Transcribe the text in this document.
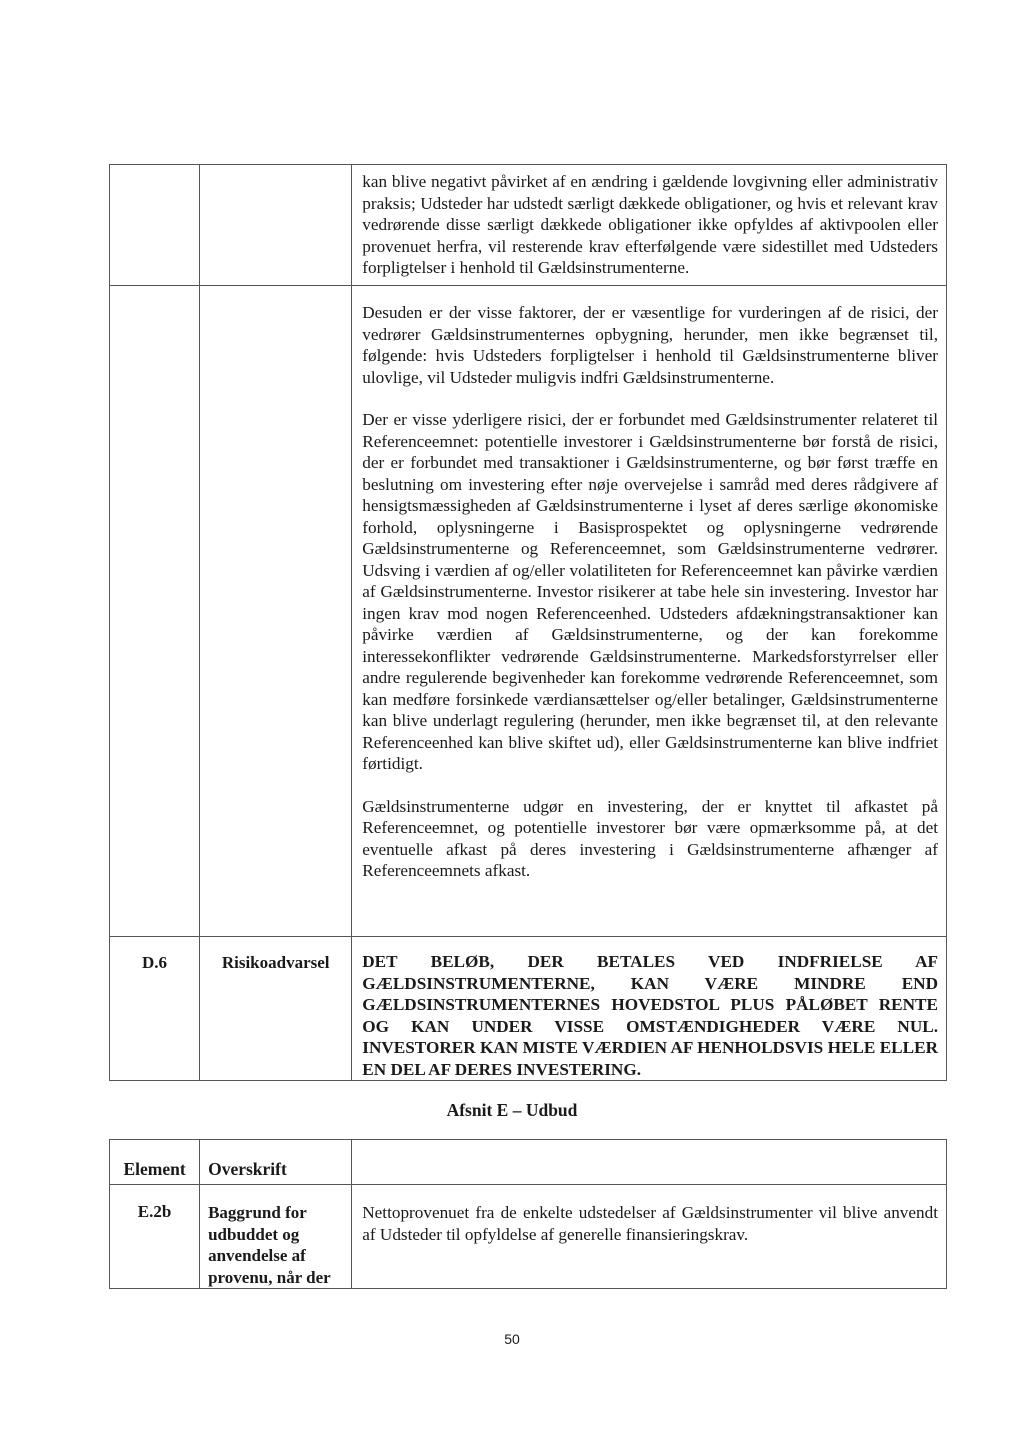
		kan blive negativt påvirket af en ændring i gældende lovgivning eller administrativ praksis; Udsteder har udstedt særligt dækkede obligationer, og hvis et relevant krav vedrørende disse særligt dækkede obligationer ikke opfyldes af aktivpoolen eller provenuet herfra, vil resterende krav efterfølgende være sidestillet med Udsteders forpligtelser i henhold til Gældsinstrumenterne.

		Desuden er der visse faktorer, der er væsentlige for vurderingen af de risici, der vedrører Gældsinstrumenternes opbygning, herunder, men ikke begrænset til, følgende: hvis Udsteders forpligtelser i henhold til Gældsinstrumenterne bliver ulovlige, vil Udsteder muligvis indfri Gældsinstrumenterne.

Der er visse yderligere risici, der er forbundet med Gældsinstrumenter relateret til Referenceemnet: potentielle investorer i Gældsinstrumenterne bør forstå de risici, der er forbundet med transaktioner i Gældsinstrumenterne, og bør først træffe en beslutning om investering efter nøje overvejelse i samråd med deres rådgivere af hensigtsmæssigheden af Gældsinstrumenterne i lyset af deres særlige økonomiske forhold, oplysningerne i Basisprospektet og oplysningerne vedrørende Gældsinstrumenterne og Referenceemnet, som Gældsinstrumenterne vedrører. Udsving i værdien af og/eller volatiliteten for Referenceemnet kan påvirke værdien af Gældsinstrumenterne. Investor risikerer at tabe hele sin investering. Investor har ingen krav mod nogen Referenceenhed. Udsteders afdækningstransaktioner kan påvirke værdien af Gældsinstrumenterne, og der kan forekomme interessekonflikter vedrørende Gældsinstrumenterne. Markedsforstyrrelser eller andre regulerende begivenheder kan forekomme vedrørende Referenceemnet, som kan medføre forsinkede værdiansættelser og/eller betalinger, Gældsinstrumenterne kan blive underlagt regulering (herunder, men ikke begrænset til, at den relevante Referenceenhed kan blive skiftet ud), eller Gældsinstrumenterne kan blive indfriet førtidigt.

Gældsinstrumenterne udgør en investering, der er knyttet til afkastet på Referenceemnet, og potentielle investorer bør være opmærksomme på, at det eventuelle afkast på deres investering i Gældsinstrumenterne afhænger af Referenceemnets afkast.

D.6	Risikoadvarsel	DET BELØB, DER BETALES VED INDFRIELSE AF GÆLDSINSTRUMENTERNE, KAN VÆRE MINDRE END GÆLDSINSTRUMENTERNES HOVEDSTOL PLUS PÅLØBET RENTE OG KAN UNDER VISSE OMSTÆNDIGHEDER VÆRE NUL. INVESTORER KAN MISTE VÆRDIEN AF HENHOLDSVIS HELE ELLER EN DEL AF DERES INVESTERING.

Afsnit E – Udbud
Element	Overskrift	
E.2b	Baggrund for udbuddet og anvendelse af provenu, når der	Nettoprovenuet fra de enkelte udstedelser af Gældsinstrumenter vil blive anvendt af Udsteder til opfyldelse af generelle finansieringskrav.

50
